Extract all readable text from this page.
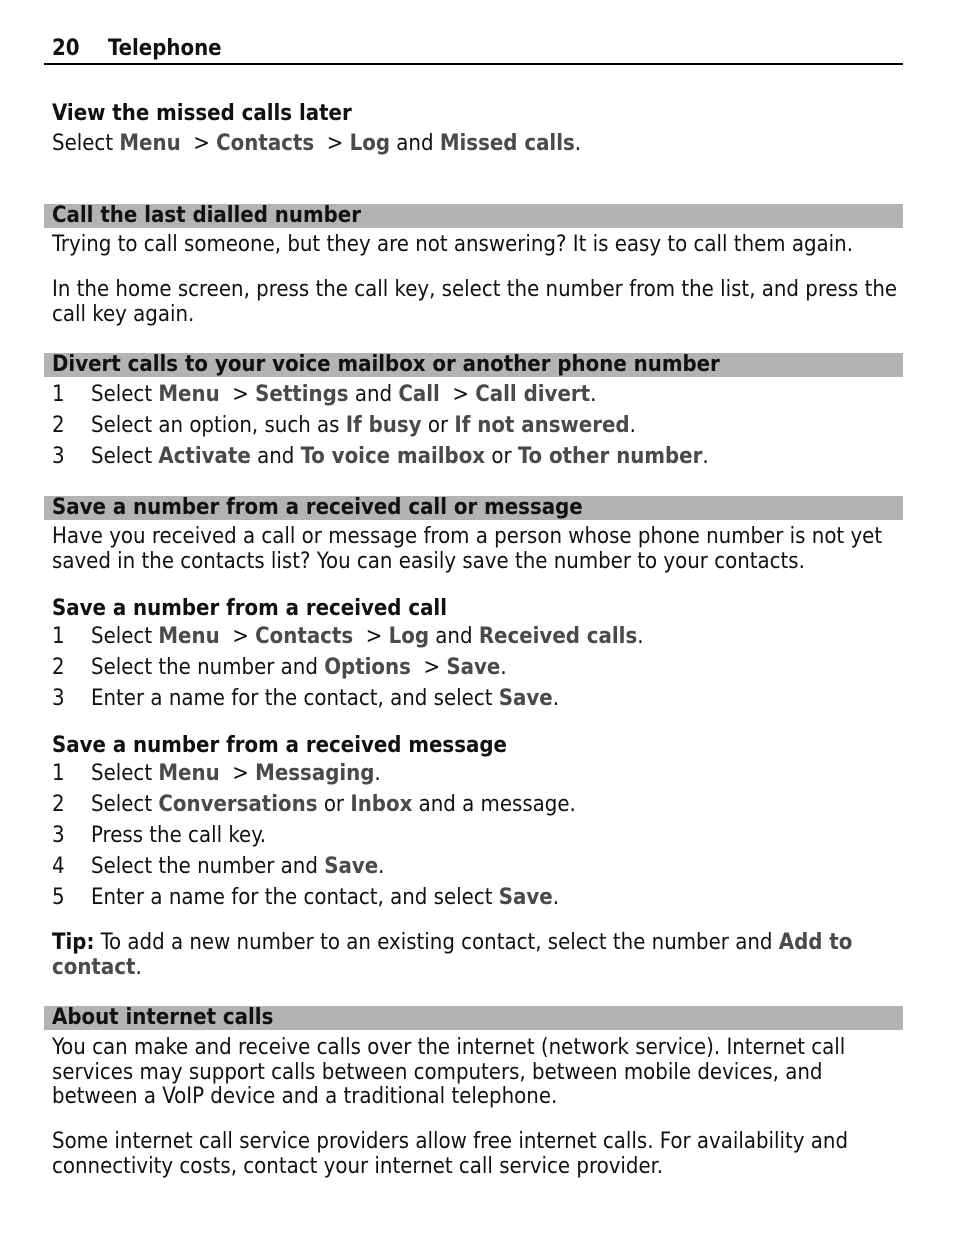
20 Telephone
View the missed calls later
Select Menu  > Contacts  > Log and Missed calls.
Call the last dialled number
Trying to call someone, but they are not answering? It is easy to call them again.
In the home screen, press the call key, select the number from the list, and press the call key again.
Divert calls to your voice mailbox or another phone number
1	Select Menu  > Settings and Call  > Call divert.
2	Select an option, such as If busy or If not answered.
3	Select Activate and To voice mailbox or To other number.
Save a number from a received call or message
Have you received a call or message from a person whose phone number is not yet saved in the contacts list? You can easily save the number to your contacts.
Save a number from a received call
1	Select Menu  > Contacts  > Log and Received calls.
2	Select the number and Options  > Save.
3	Enter a name for the contact, and select Save.
Save a number from a received message
1	Select Menu  > Messaging.
2	Select Conversations or Inbox and a message.
3	Press the call key.
4	Select the number and Save.
5	Enter a name for the contact, and select Save.
Tip: To add a new number to an existing contact, select the number and Add to contact.
About internet calls
You can make and receive calls over the internet (network service). Internet call services may support calls between computers, between mobile devices, and between a VoIP device and a traditional telephone.
Some internet call service providers allow free internet calls. For availability and connectivity costs, contact your internet call service provider.
